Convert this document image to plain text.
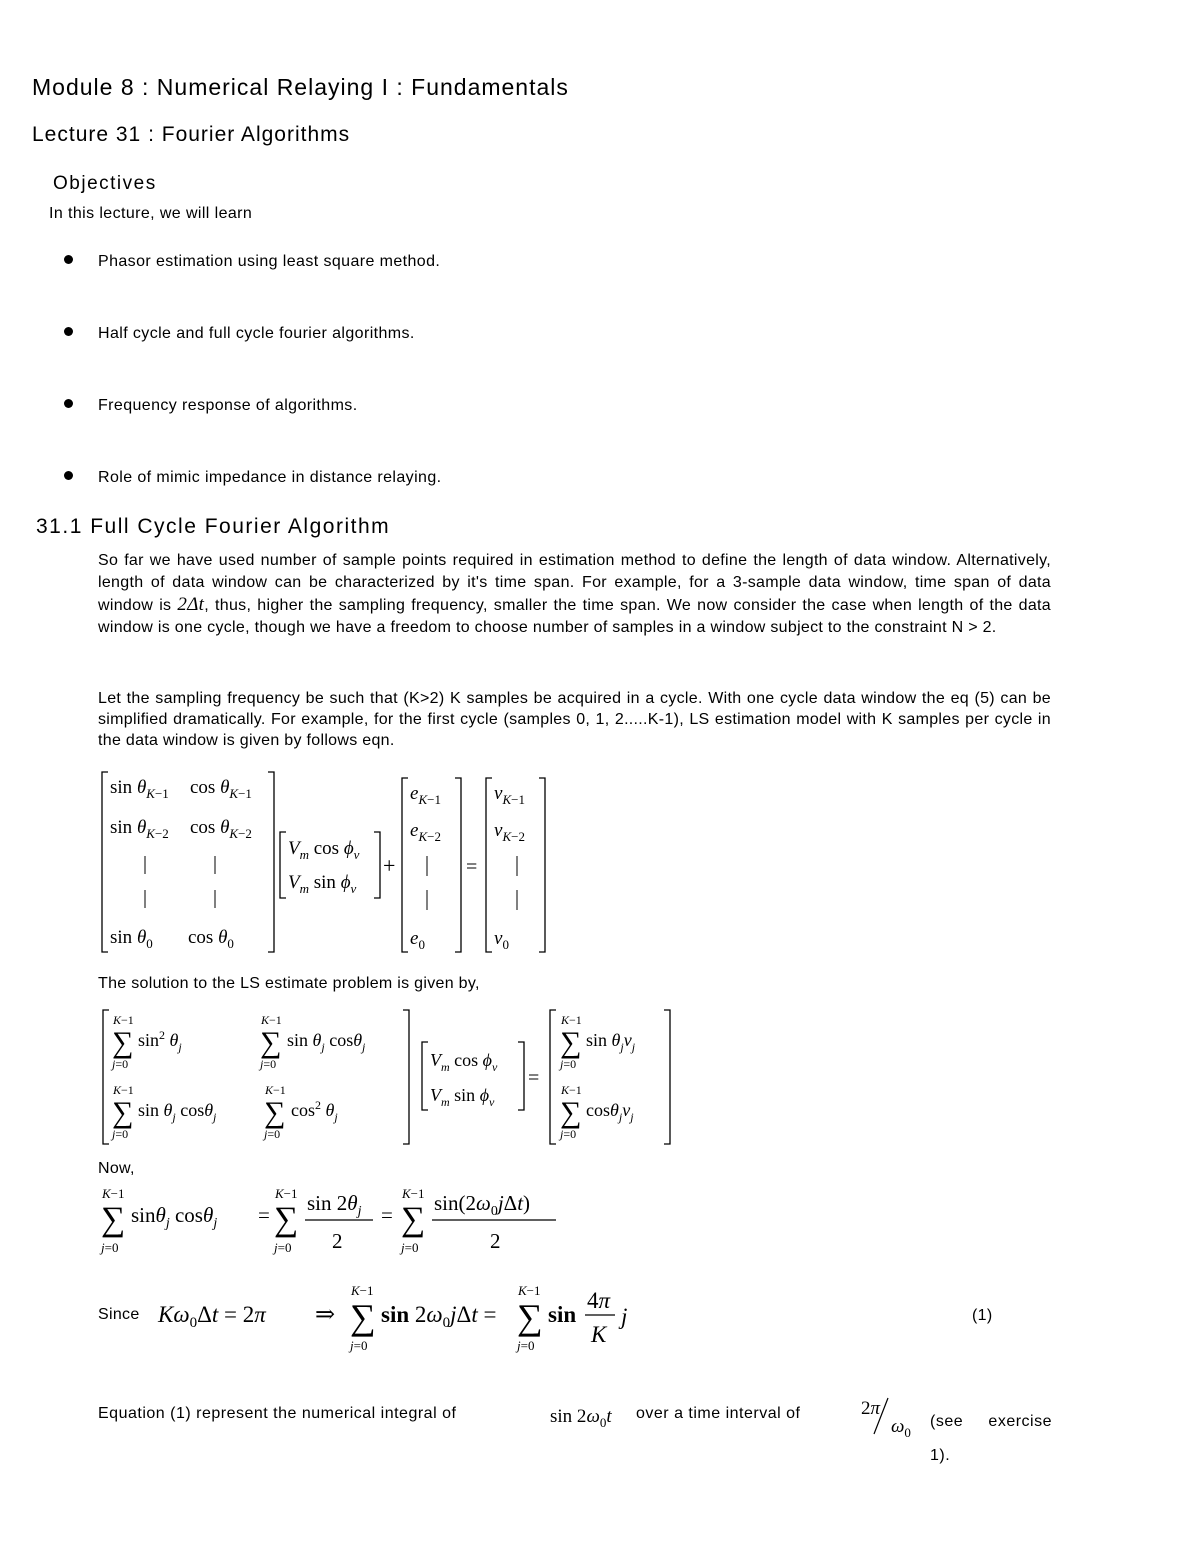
Module 8 : Numerical Relaying I : Fundamentals
Lecture 31 : Fourier Algorithms
Objectives
In this lecture, we will learn
Phasor estimation using least square method.
Half cycle and full cycle fourier algorithms.
Frequency response of algorithms.
Role of mimic impedance in distance relaying.
31.1 Full Cycle Fourier Algorithm
So far we have used number of sample points required in estimation method to define the length of data window. Alternatively, length of data window can be characterized by it's time span. For example, for a 3-sample data window, time span of data window is 2Δt, thus, higher the sampling frequency, smaller the time span. We now consider the case when length of the data window is one cycle, though we have a freedom to choose number of samples in a window subject to the constraint N > 2.
Let the sampling frequency be such that (K>2) K samples be acquired in a cycle. With one cycle data window the eq (5) can be simplified dramatically. For example, for the first cycle (samples 0, 1, 2.....K-1), LS estimation model with K samples per cycle in the data window is given by follows eqn.
$\sin \theta_K-1$ $\cos \theta_K-1$
$\sin \theta_K-2$ $\cos \theta_K-2$
$\sin \theta_0$ $\cos \theta_0$
$V_m$ $\cos \phi_v$
$V_m$ $\sin \phi_v$
+
$e_K-1$
$e_K-2$
$e_0$
=
$v_K-1$
$v_K-2$
$v_0$
The solution to the LS estimate problem is given by,
K−1
∑
j=0
$\sin^2 \theta_j$
K−1
∑
j=0
$\sin \theta_j$ cosθ$_j$
K−1
∑
j=0
$\sin \theta_j$ cosθ$_j$
K−1
∑
j=0
$\cos^2 \theta_j$
$V_m$ $\cos \phi_v$
$V_m$ $\sin \phi_v$
=
K−1
∑
j=0
$\sin \theta_jv_j$
K−1
∑
j=0
$\cos\theta_jv_j$
Now,
K−1
∑
j=0
sinθ$_j$ cosθ$_j$ =
K−1
∑
j=0
$\sin 2\theta_j$
2
=
K−1
∑
j=0
$\sin(2\omega_0j\Delta t)$
2
Since $K\omega_0\Delta t = 2\pi$ ⇒
K−1
∑
j=0
$\sin 2\omega_0j\Delta t$ =
K−1
∑
j=0
sin
4π
K
j	(1)
Equation (1) represent the numerical integral of	$\sin 2\omega_0t$ over a time interval of	2π
$\omega_0$
(see exercise 1).
